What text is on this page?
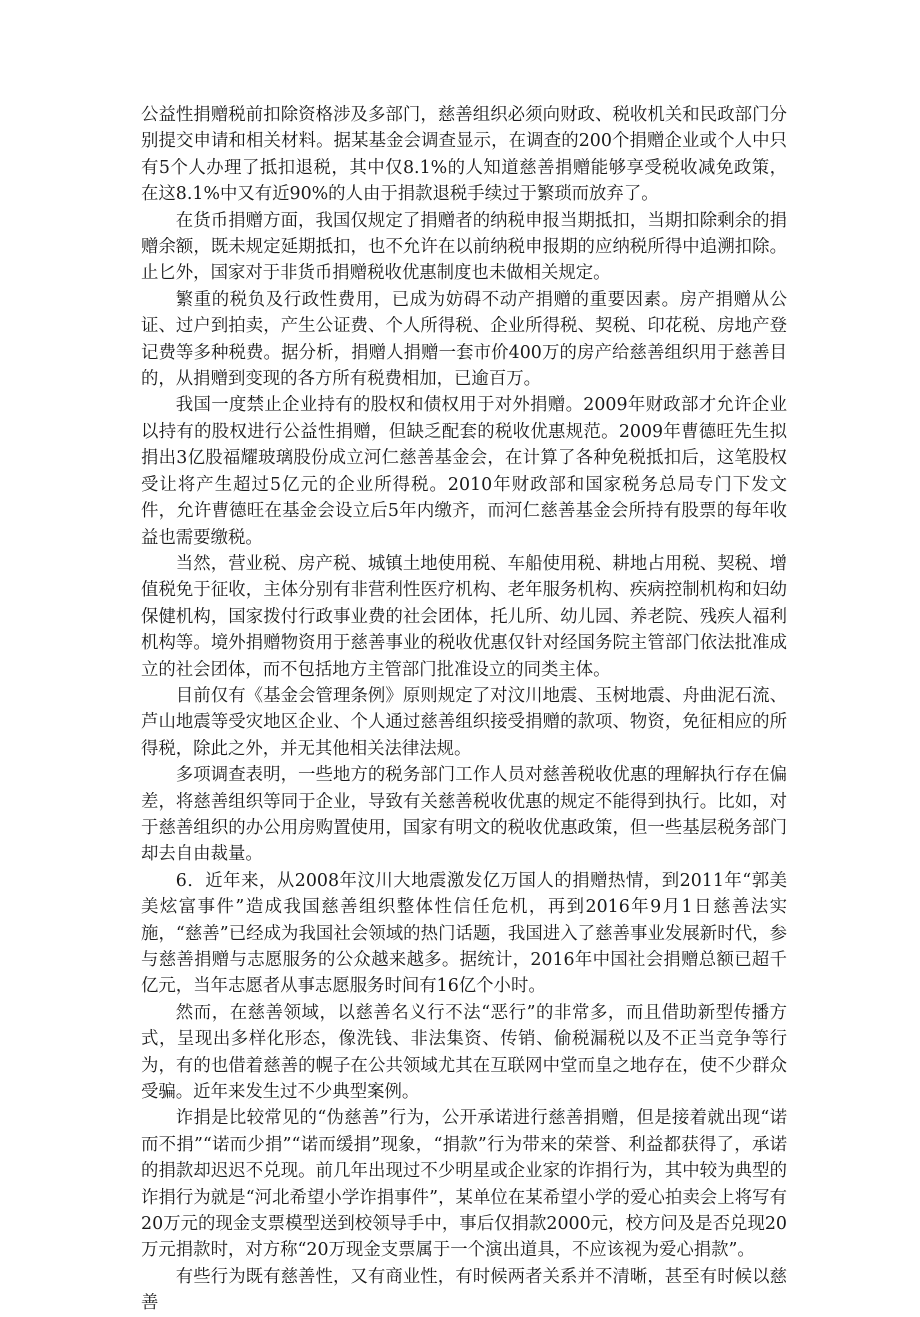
公益性捐赠税前扣除资格涉及多部门，慈善组织必须向财政、税收机关和民政部门分别提交申请和相关材料。据某基金会调查显示，在调查的200个捐赠企业或个人中只有5个人办理了抵扣退税，其中仅8.1%的人知道慈善捐赠能够享受税收减免政策，在这8.1%中又有近90%的人由于捐款退税手续过于繁琐而放弃了。

在货币捐赠方面，我国仅规定了捐赠者的纳税申报当期抵扣，当期扣除剩余的捐赠余额，既未规定延期抵扣，也不允许在以前纳税申报期的应纳税所得中追溯扣除。止匕外，国家对于非货币捐赠税收优惠制度也未做相关规定。

繁重的税负及行政性费用，已成为妨碍不动产捐赠的重要因素。房产捐赠从公证、过户到拍卖，产生公证费、个人所得税、企业所得税、契税、印花税、房地产登记费等多种税费。据分析，捐赠人捐赠一套市价400万的房产给慈善组织用于慈善目的，从捐赠到变现的各方所有税费相加，已逾百万。

我国一度禁止企业持有的股权和债权用于对外捐赠。2009年财政部才允许企业以持有的股权进行公益性捐赠，但缺乏配套的税收优惠规范。2009年曹德旺先生拟捐出3亿股福耀玻璃股份成立河仁慈善基金会，在计算了各种免税抵扣后，这笔股权受让将产生超过5亿元的企业所得税。2010年财政部和国家税务总局专门下发文件，允许曹德旺在基金会设立后5年内缴齐，而河仁慈善基金会所持有股票的每年收益也需要缴税。

当然，营业税、房产税、城镇土地使用税、车船使用税、耕地占用税、契税、增值税免于征收，主体分别有非营利性医疗机构、老年服务机构、疾病控制机构和妇幼保健机构，国家拨付行政事业费的社会团体，托儿所、幼儿园、养老院、残疾人福利机构等。境外捐赠物资用于慈善事业的税收优惠仅针对经国务院主管部门依法批准成立的社会团体，而不包括地方主管部门批准设立的同类主体。

目前仅有《基金会管理条例》原则规定了对汶川地震、玉树地震、舟曲泥石流、芦山地震等受灾地区企业、个人通过慈善组织接受捐赠的款项、物资，免征相应的所得税，除此之外，并无其他相关法律法规。

多项调查表明，一些地方的税务部门工作人员对慈善税收优惠的理解执行存在偏差，将慈善组织等同于企业，导致有关慈善税收优惠的规定不能得到执行。比如，对于慈善组织的办公用房购置使用，国家有明文的税收优惠政策，但一些基层税务部门却去自由裁量。

6．近年来，从2008年汶川大地震激发亿万国人的捐赠热情，到2011年“郭美美炫富事件”造成我国慈善组织整体性信任危机，再到2016年9月1日慈善法实施，“慈善”已经成为我国社会领域的热门话题，我国进入了慈善事业发展新时代，参与慈善捐赠与志愿服务的公众越来越多。据统计，2016年中国社会捐赠总额已超千亿元，当年志愿者从事志愿服务时间有16亿个小时。

然而，在慈善领域，以慈善名义行不法“恶行”的非常多，而且借助新型传播方式，呈现出多样化形态，像洗钱、非法集资、传销、偷税漏税以及不正当竞争等行为，有的也借着慈善的幌子在公共领域尤其在互联网中堂而皇之地存在，使不少群众受骗。近年来发生过不少典型案例。

诈捐是比较常见的“伪慈善”行为，公开承诺进行慈善捐赠，但是接着就出现“诺而不捐”“诺而少捐”“诺而缓捐”现象，“捐款”行为带来的荣誉、利益都获得了，承诺的捐款却迟迟不兑现。前几年出现过不少明星或企业家的诈捐行为，其中较为典型的诈捐行为就是“河北希望小学诈捐事件”，某单位在某希望小学的爱心拍卖会上将写有20万元的现金支票模型送到校领导手中，事后仅捐款2000元，校方问及是否兑现20万元捐款时，对方称“20万现金支票属于一个演出道具，不应该视为爱心捐款”。

有些行为既有慈善性，又有商业性，有时候两者关系并不清晰，甚至有时候以慈善
